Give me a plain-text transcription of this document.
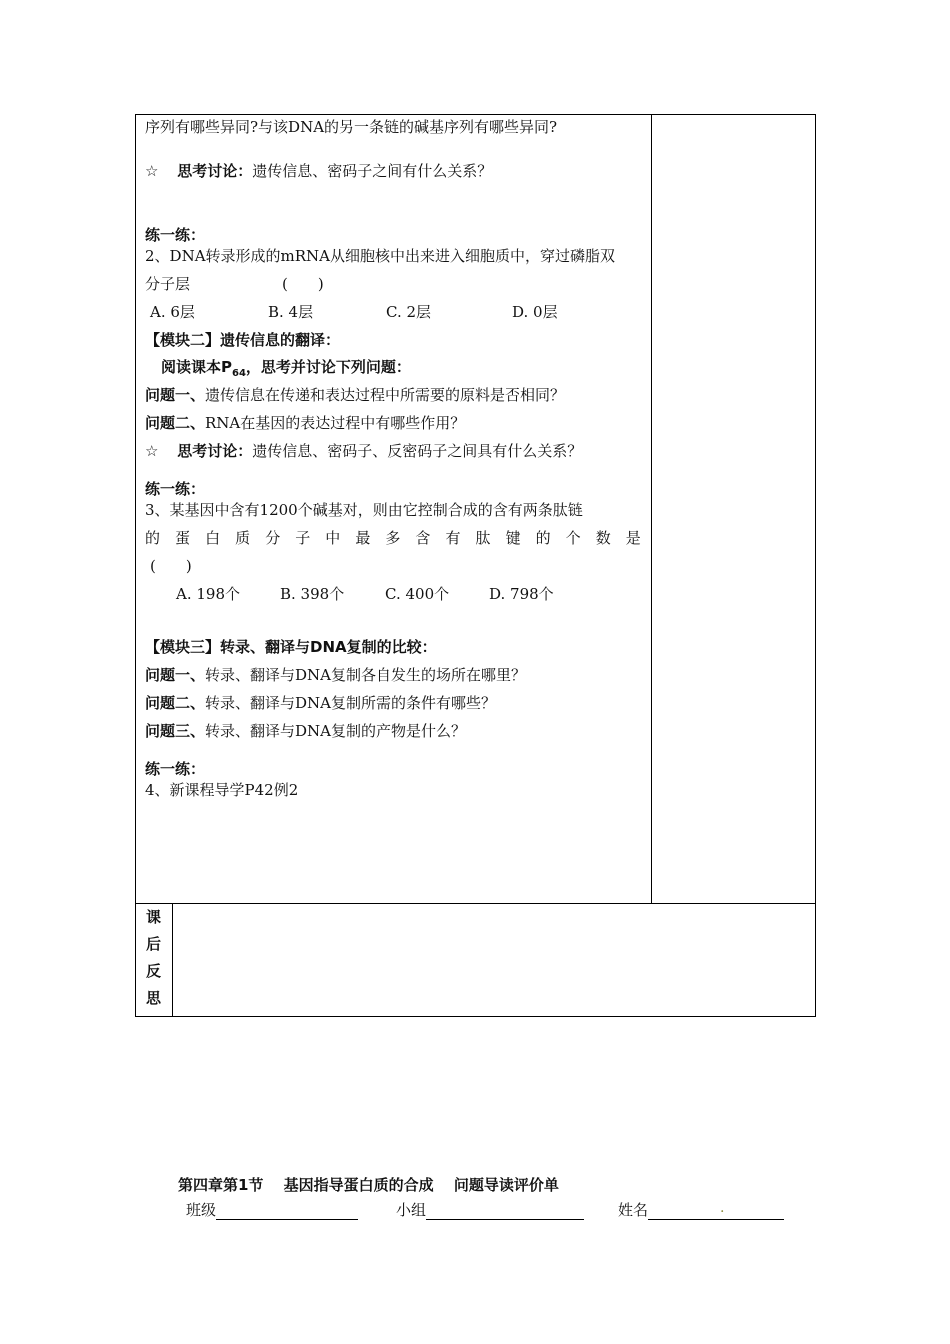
序列有哪些异同?与该DNA的另一条链的碱基序列有哪些异同?
☆ 思考讨论：遗传信息、密码子之间有什么关系？
练一练：
2、DNA转录形成的mRNA从细胞核中出来进入细胞质中，穿过磷脂双
分子层	(　　)
A. 6层	B. 4层	C. 2层	D. 0层
【模块二】遗传信息的翻译：
阅读课本$P_{64}$，思考并讨论下列问题：
问题一、遗传信息在传递和表达过程中所需要的原料是否相同？
问题二、RNA在基因的表达过程中有哪些作用？
☆ 思考讨论：遗传信息、密码子、反密码子之间具有什么关系？
练一练：
3、某基因中含有1200个碱基对，则由它控制合成的含有两条肽链
的 蛋 白 质 分 子 中 最 多 含 有 肽 键 的 个 数 是
(　　)
A. 198个	B. 398个	C. 400个	D. 798个
【模块三】转录、翻译与DNA复制的比较：
问题一、转录、翻译与DNA复制各自发生的场所在哪里？
问题二、转录、翻译与DNA复制所需的条件有哪些？
问题三、转录、翻译与DNA复制的产物是什么？
练一练：
4、新课程导学P42例2
课
后
反
思
第四章第1节　 基因指导蛋白质的合成　 问题导读评价单
班级	小组	姓名	.
